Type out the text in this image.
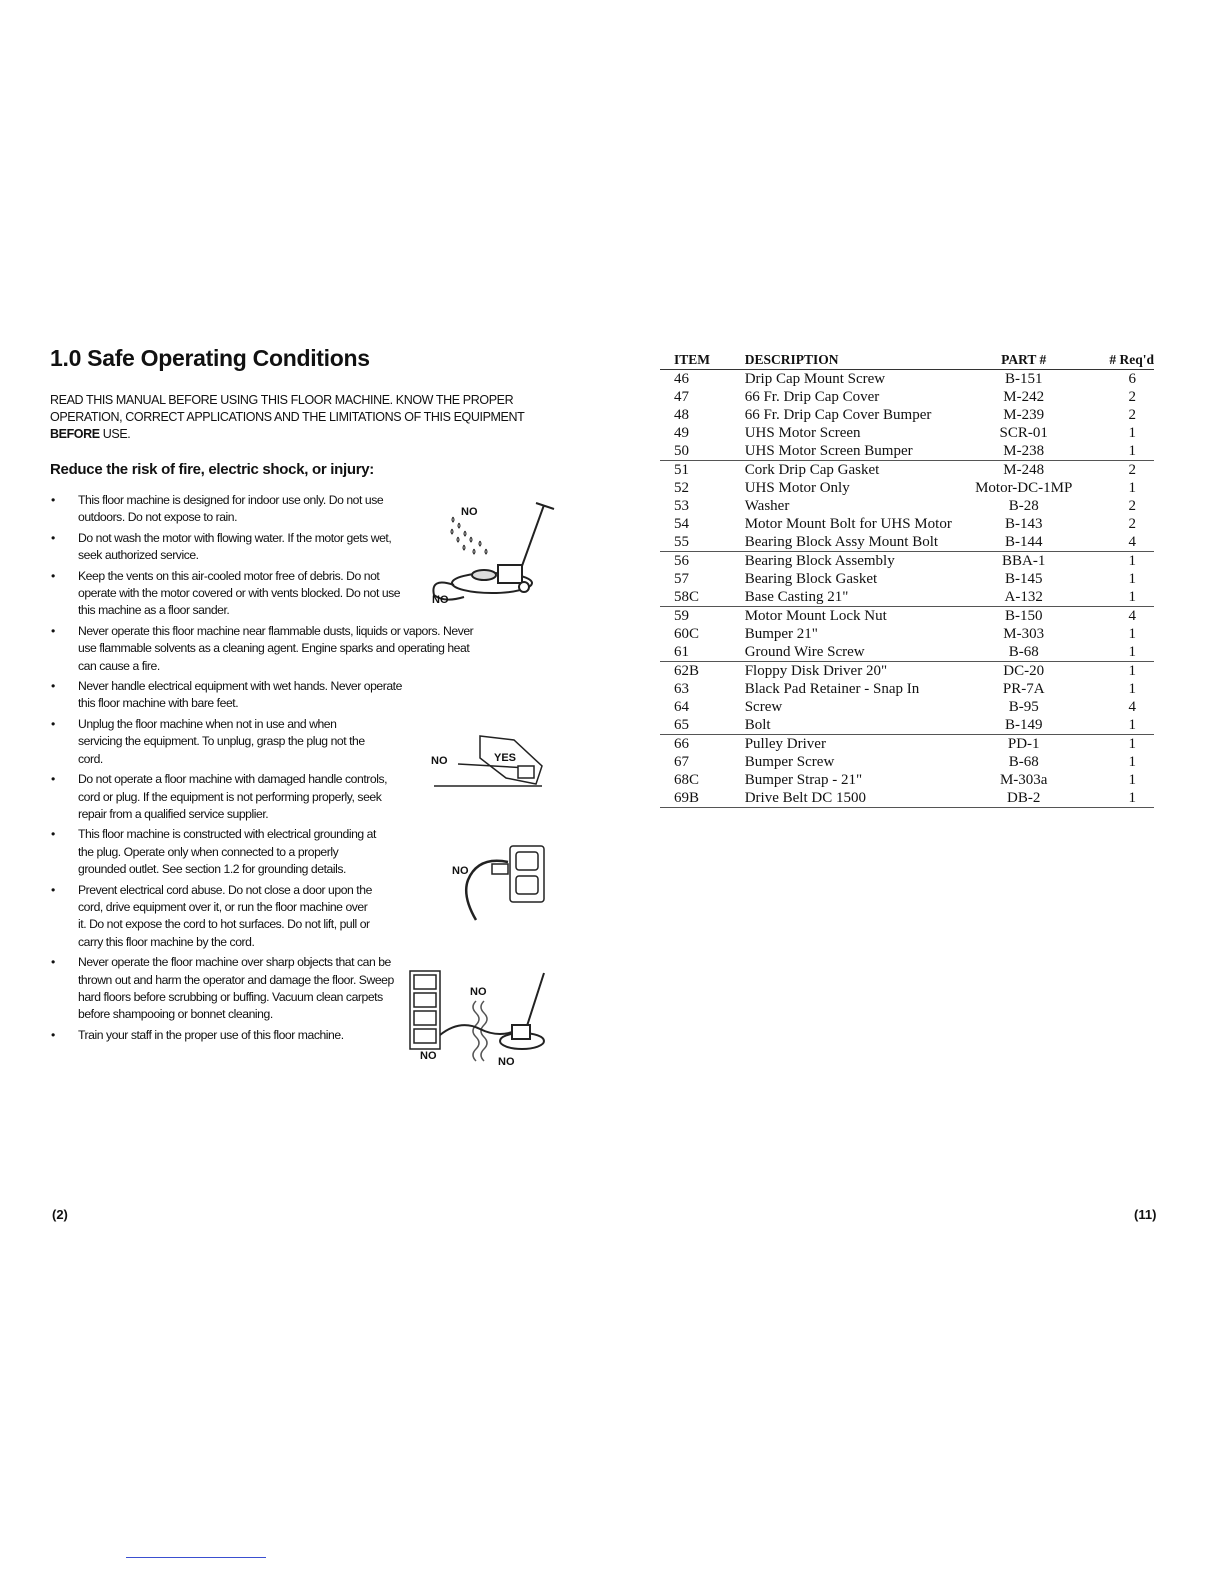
1.0 Safe Operating Conditions
READ THIS MANUAL BEFORE USING THIS FLOOR MACHINE. KNOW THE PROPER OPERATION, CORRECT APPLICATIONS AND THE LIMITATIONS OF THIS EQUIPMENT BEFORE USE.
Reduce the risk of fire, electric shock, or injury:
• This floor machine is designed for indoor use only. Do not use outdoors. Do not expose to rain.
• Do not wash the motor with flowing water. If the motor gets wet, seek authorized service.
• Keep the vents on this air-cooled motor free of debris. Do not operate with the motor covered or with vents blocked. Do not use this machine as a floor sander.
• Never operate this floor machine near flammable dusts, liquids or vapors. Never use flammable solvents as a cleaning agent. Engine sparks and operating heat can cause a fire.
• Never handle electrical equipment with wet hands. Never operate this floor machine with bare feet.
• Unplug the floor machine when not in use and when servicing the equipment. To unplug, grasp the plug not the cord.
• Do not operate a floor machine with damaged handle controls, cord or plug. If the equipment is not performing properly, seek repair from a qualified service supplier.
• This floor machine is constructed with electrical grounding at the plug. Operate only when connected to a properly grounded outlet. See section 1.2 for grounding details.
• Prevent electrical cord abuse. Do not close a door upon the cord, drive equipment over it, or run the floor machine over it. Do not expose the cord to hot surfaces. Do not lift, pull or carry this floor machine by the cord.
• Never operate the floor machine over sharp objects that can be thrown out and harm the operator and damage the floor. Sweep hard floors before scrubbing or buffing. Vacuum clean carpets before shampooing or bonnet cleaning.
• Train your staff in the proper use of this floor machine.
NO
NO
NO	YES
NO
NO
NO	NO
ITEM	DESCRIPTION	PART #	# Req'd
46	Drip Cap Mount Screw	B-151	6
47	66 Fr. Drip Cap Cover	M-242	2
48	66 Fr. Drip Cap Cover Bumper	M-239	2
49	UHS Motor Screen	SCR-01	1
50	UHS Motor Screen Bumper	M-238	1
51	Cork Drip Cap Gasket	M-248	2
52	UHS Motor Only	Motor-DC-1MP	1
53	Washer	B-28	2
54	Motor Mount Bolt for UHS Motor	B-143	2
55	Bearing Block Assy Mount Bolt	B-144	4
56	Bearing Block Assembly	BBA-1	1
57	Bearing Block Gasket	B-145	1
58C	Base Casting 21"	A-132	1
59	Motor Mount Lock Nut	B-150	4
60C	Bumper 21"	M-303	1
61	Ground Wire Screw	B-68	1
62B	Floppy Disk Driver 20"	DC-20	1
63	Black Pad Retainer - Snap In	PR-7A	1
64	Screw	B-95	4
65	Bolt	B-149	1
66	Pulley Driver	PD-1	1
67	Bumper Screw	B-68	1
68C	Bumper Strap - 21"	M-303a	1
69B	Drive Belt DC 1500	DB-2	1
(2)	(11)
